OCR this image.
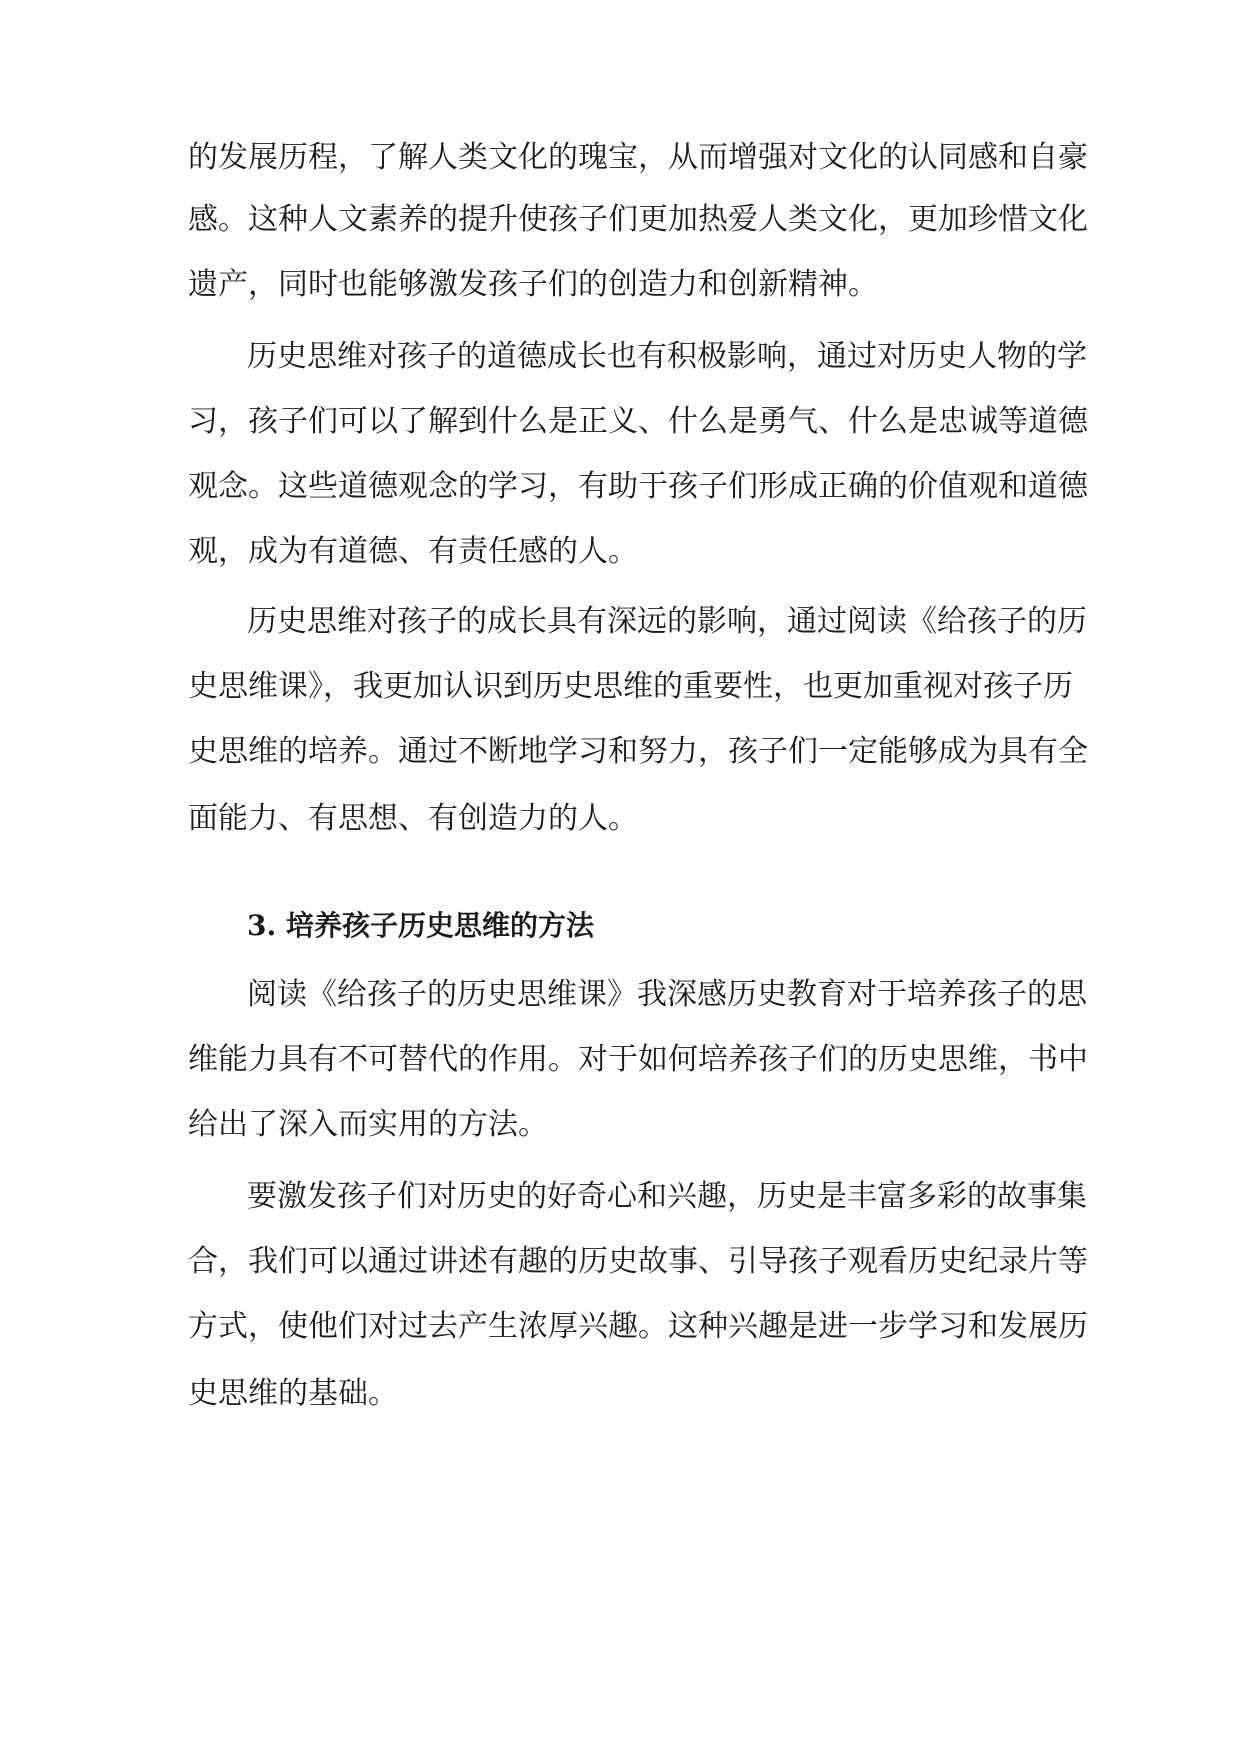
的发展历程，了解人类文化的瑰宝，从而增强对文化的认同感和自豪
感。这种人文素养的提升使孩子们更加热爱人类文化，更加珍惜文化
遗产，同时也能够激发孩子们的创造力和创新精神。
历史思维对孩子的道德成长也有积极影响，通过对历史人物的学
习，孩子们可以了解到什么是正义、什么是勇气、什么是忠诚等道德
观念。这些道德观念的学习，有助于孩子们形成正确的价值观和道德
观，成为有道德、有责任感的人。
历史思维对孩子的成长具有深远的影响，通过阅读《给孩子的历
史思维课》，我更加认识到历史思维的重要性，也更加重视对孩子历
史思维的培养。通过不断地学习和努力，孩子们一定能够成为具有全
面能力、有思想、有创造力的人。
3. 培养孩子历史思维的方法
阅读《给孩子的历史思维课》我深感历史教育对于培养孩子的思
维能力具有不可替代的作用。对于如何培养孩子们的历史思维，书中
给出了深入而实用的方法。
要激发孩子们对历史的好奇心和兴趣，历史是丰富多彩的故事集
合，我们可以通过讲述有趣的历史故事、引导孩子观看历史纪录片等
方式，使他们对过去产生浓厚兴趣。这种兴趣是进一步学习和发展历
史思维的基础。
